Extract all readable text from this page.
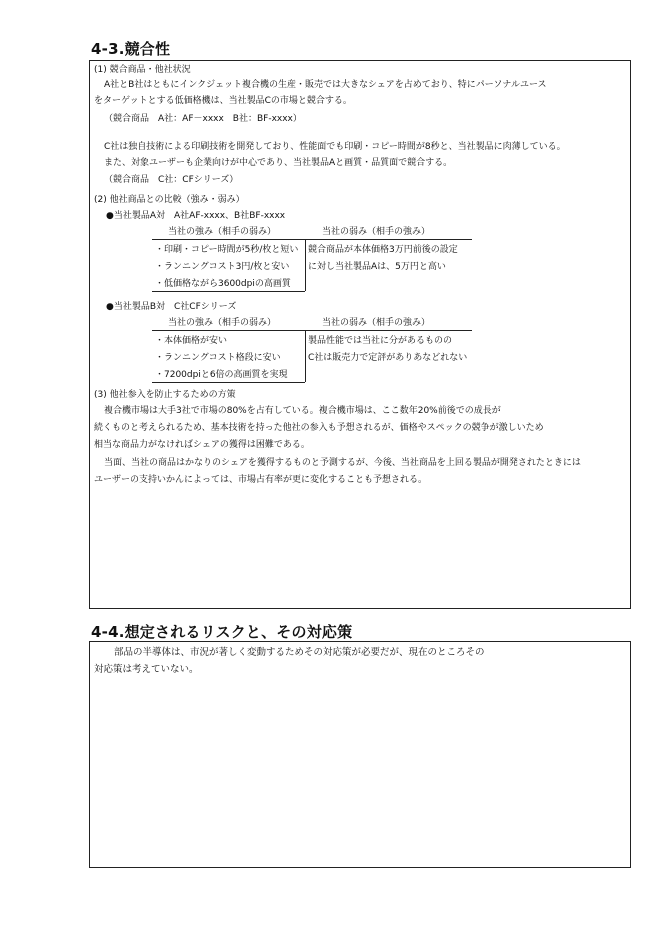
4-3.競合性
(1) 競合商品・他社状況
A社とB社はともにインクジェット複合機の生産・販売では大きなシェアを占めており、特にパーソナルユース
をターゲットとする低価格機は、当社製品Cの市場と競合する。
（競合商品　A社：AF－xxxx　B社：BF-xxxx）
C社は独自技術による印刷技術を開発しており、性能面でも印刷・コピー時間が8秒と、当社製品に肉薄している。
また、対象ユーザーも企業向けが中心であり、当社製品Aと画質・品質面で競合する。
（競合商品　C社：CFシリーズ）
(2) 他社商品との比較（強み・弱み）
●当社製品A対　A社AF-xxxx、B社BF-xxxx
当社の強み（相手の弱み）	当社の弱み（相手の強み）
・印刷・コピー時間が5秒/枚と短い
・ランニングコスト3円/枚と安い
・低価格ながら3600dpiの高画質
競合商品が本体価格3万円前後の設定
に対し当社製品Aは、5万円と高い
●当社製品B対　C社CFシリーズ
当社の強み（相手の弱み）	当社の弱み（相手の強み）
・本体価格が安い
・ランニングコスト格段に安い
・7200dpiと6倍の高画質を実現
製品性能では当社に分があるものの
C社は販売力で定評がありあなどれない
(3) 他社参入を防止するための方策
複合機市場は大手3社で市場の80%を占有している。複合機市場は、ここ数年20%前後での成長が
続くものと考えられるため、基本技術を持った他社の参入も予想されるが、価格やスペックの競争が激しいため
相当な商品力がなければシェアの獲得は困難である。
当面、当社の商品はかなりのシェアを獲得するものと予測するが、今後、当社商品を上回る製品が開発されたときには
ユーザーの支持いかんによっては、市場占有率が更に変化することも予想される。
4-4.想定されるリスクと、その対応策
部品の半導体は、市況が著しく変動するためその対応策が必要だが、現在のところその
対応策は考えていない。
